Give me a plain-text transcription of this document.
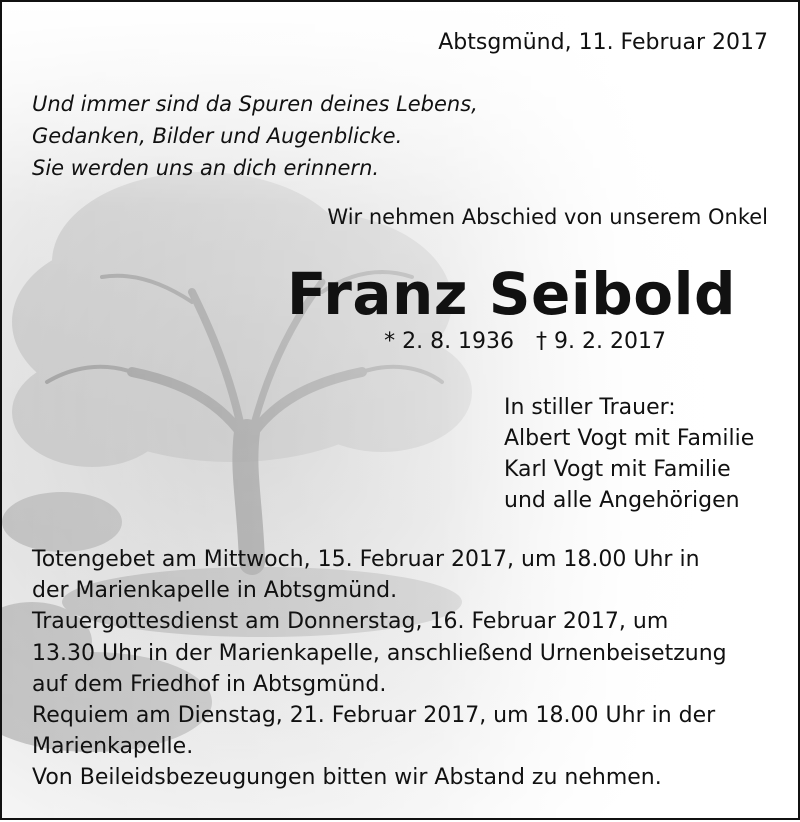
Abtsgmünd, 11. Februar 2017
Und immer sind da Spuren deines Lebens,
Gedanken, Bilder und Augenblicke.
Sie werden uns an dich erinnern.
Wir nehmen Abschied von unserem Onkel
Franz Seibold
* 2. 8. 1936 † 9. 2. 2017
In stiller Trauer:
Albert Vogt mit Familie
Karl Vogt mit Familie
und alle Angehörigen
Totengebet am Mittwoch, 15. Februar 2017, um 18.00 Uhr in
der Marienkapelle in Abtsgmünd.
Trauergottesdienst am Donnerstag, 16. Februar 2017, um
13.30 Uhr in der Marienkapelle, anschließend Urnenbeisetzung
auf dem Friedhof in Abtsgmünd.
Requiem am Dienstag, 21. Februar 2017, um 18.00 Uhr in der
Marienkapelle.
Von Beileidsbezeugungen bitten wir Abstand zu nehmen.
